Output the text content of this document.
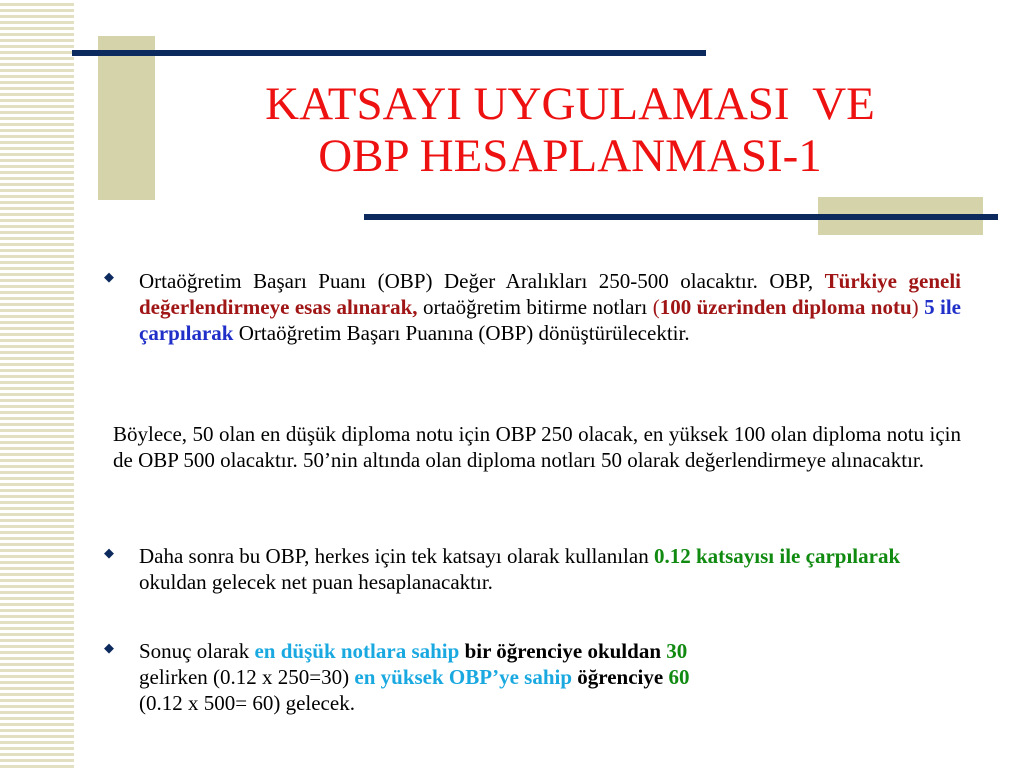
KATSAYI UYGULAMASI  VE
OBP HESAPLANMASI-1
◆ Ortaöğretim Başarı Puanı (OBP) Değer Aralıkları 250-500 olacaktır. OBP, Türkiye geneli değerlendirmeye esas alınarak, ortaöğretim bitirme notları (100 üzerinden diploma notu) 5 ile çarpılarak Ortaöğretim Başarı Puanına (OBP) dönüştürülecektir.
Böylece, 50 olan en düşük diploma notu için OBP 250 olacak, en yüksek 100 olan diploma notu için de OBP 500 olacaktır. 50’nin altında olan diploma notları 50 olarak değerlendirmeye alınacaktır.
◆ Daha sonra bu OBP, herkes için tek katsayı olarak kullanılan 0.12 katsayısı ile çarpılarak okuldan gelecek net puan hesaplanacaktır.
◆ Sonuç olarak en düşük notlara sahip bir öğrenciye okuldan 30
gelirken (0.12 x 250=30) en yüksek OBP’ye sahip öğrenciye 60
(0.12 x 500= 60) gelecek.
